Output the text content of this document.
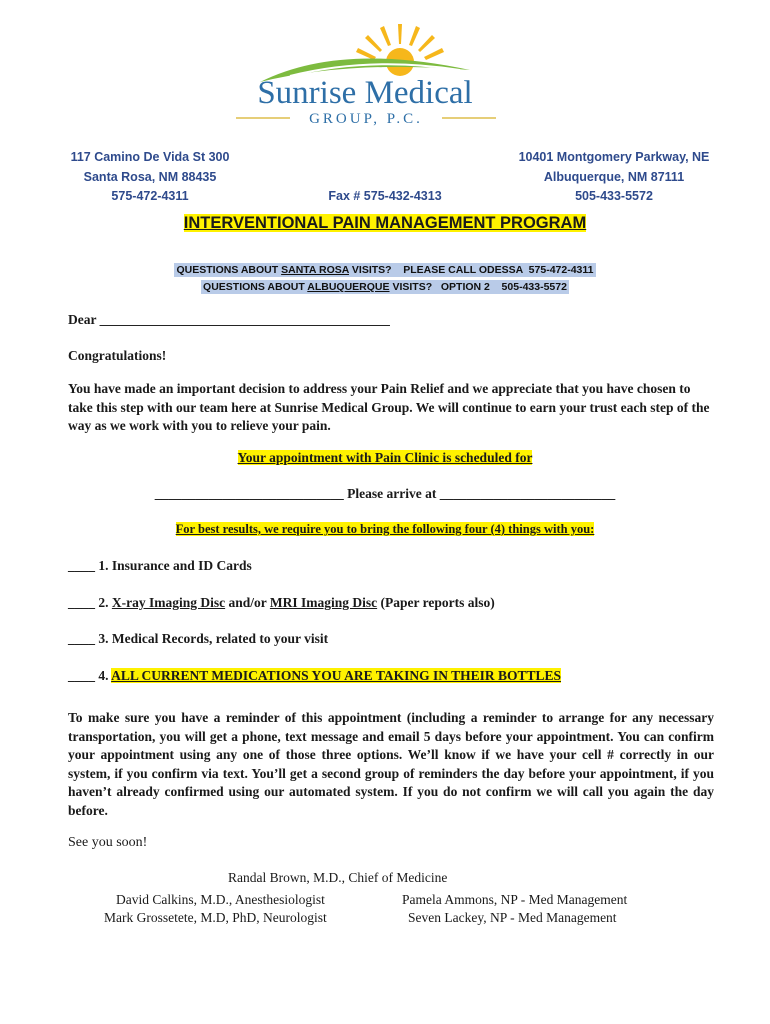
Sunrise Medical
GROUP, P.C.
117 Camino De Vida St 300
Santa Rosa, NM 88435
575-472-4311	Fax # 575-432-4313
10401 Montgomery Parkway, NE
Albuquerque, NM 87111
505-433-5572
INTERVENTIONAL PAIN MANAGEMENT PROGRAM
QUESTIONS ABOUT SANTA ROSA VISITS?    PLEASE CALL ODESSA  575-472-4311
QUESTIONS ABOUT ALBUQUERQUE VISITS?   OPTION 2    505-433-5572
Dear ___________________________________________
Congratulations!
You have made an important decision to address your Pain Relief and we appreciate that you have chosen to take this step with our team here at Sunrise Medical Group. We will continue to earn your trust each step of the way as we work with you to relieve your pain.
Your appointment with Pain Clinic is scheduled for
____________________________ Please arrive at __________________________
For best results, we require you to bring the following four (4) things with you:
____ 1. Insurance and ID Cards
____ 2. X-ray Imaging Disc and/or MRI Imaging Disc (Paper reports also)
____ 3. Medical Records, related to your visit
____ 4. ALL CURRENT MEDICATIONS YOU ARE TAKING IN THEIR BOTTLES
To make sure you have a reminder of this appointment (including a reminder to arrange for any necessary transportation, you will get a phone, text message and email 5 days before your appointment. You can confirm your appointment using any one of those three options. We’ll know if we have your cell # correctly in our system, if you confirm via text. You’ll get a second group of reminders the day before your appointment, if you haven’t already confirmed using our automated system. If you do not confirm we will call you again the day before.
See you soon!
Randal Brown, M.D., Chief of Medicine
David Calkins, M.D., Anesthesiologist
Mark Grossetete, M.D, PhD, Neurologist
Pamela Ammons, NP - Med Management
Seven Lackey, NP - Med Management
